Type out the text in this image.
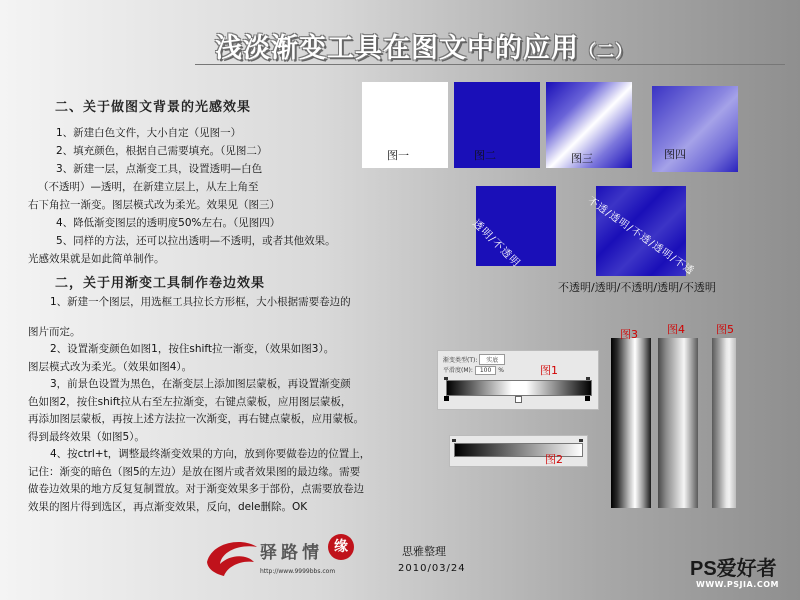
浅淡渐变工具在图文中的应用（二）
二、关于做图文背景的光感效果
1、新建白色文件，大小自定（见图一）
2、填充颜色，根据自己需要填充。（见图二）
3、新建一层，点渐变工具，设置透明—白色
（不透明）—透明，在新建立层上，从左上角至
右下角拉一渐变。图层模式改为柔光。效果见（图三）
4、降低渐变图层的透明度50%左右。（见图四）
5、同样的方法，还可以拉出透明—不透明，或者其他效果。
光感效果就是如此简单制作。
二，关于用渐变工具制作卷边效果
1、新建一个图层，用选框工具拉长方形框，大小根据需要卷边的
图片而定。
2、设置渐变颜色如图1，按住shift拉一渐变，（效果如图3）。
图层模式改为柔光。（效果如图4）。
3，前景色设置为黑色，在渐变层上添加图层蒙板，再设置渐变颜
色如图2，按住shift拉从右至左拉渐变，右键点蒙板，应用图层蒙板，
再添加图层蒙板，再按上述方法拉一次渐变，再右键点蒙板，应用蒙板。
得到最终效果（如图5）。
4、按ctrl+t，调整最终渐变效果的方向，放到你要做卷边的位置上，
记住：渐变的暗色（图5的左边）是放在图片或者效果图的最边缘。需要
做卷边效果的地方反复复制置放。对于渐变效果多于部份，点需要放卷边
效果的图片得到选区，再点渐变效果，反向，dele删除。OK
图一	图二	图三	图四
透明/不透明	不透/透明/不透/透明/不透
不透明/透明/不透明/透明/不透明
渐变类型(T): 实底
平滑度(M): 100 %	图1
图2
图3	图4	图5
驿路情 缘
http://www.9999bbs.com
思雅整理
2010/03/24	PS爱好者
WWW.PSJIA.COM
